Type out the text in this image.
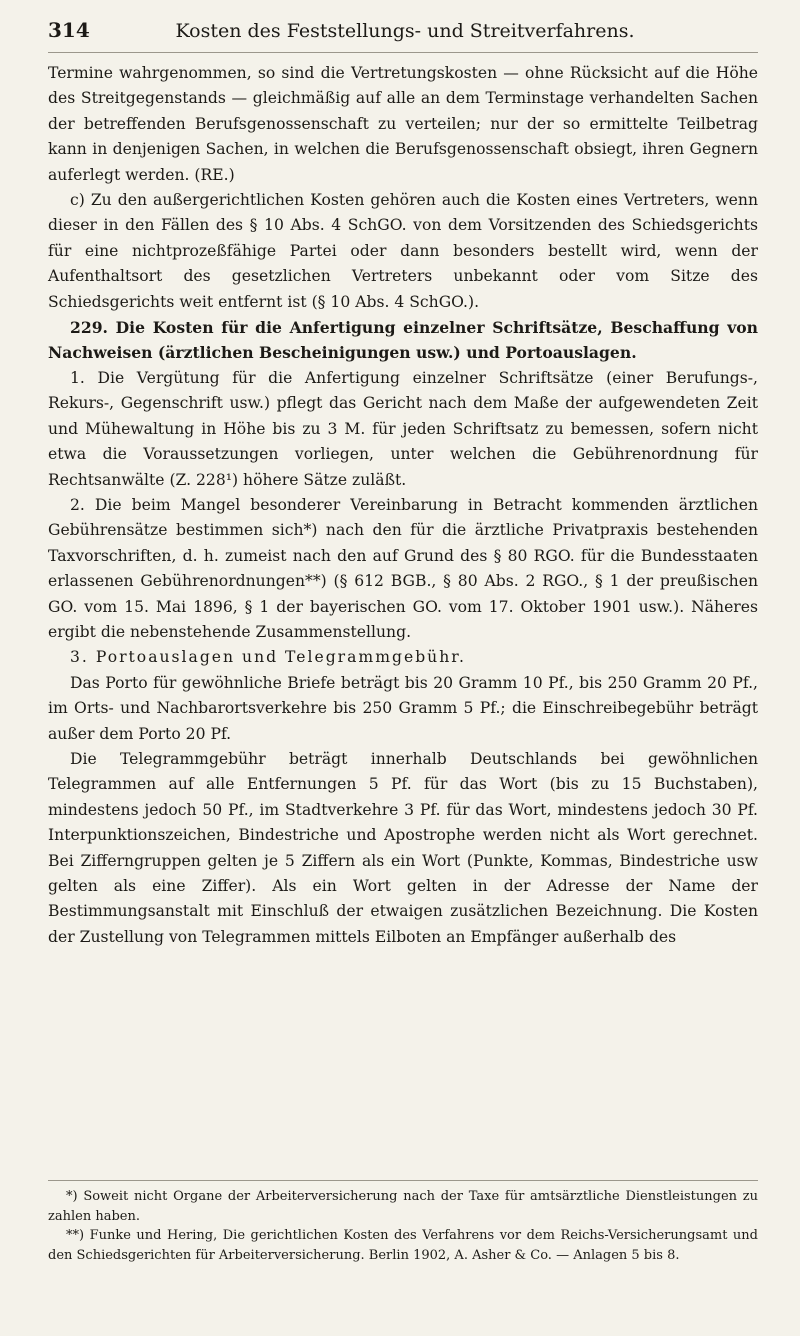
314	Kosten des Feststellungs- und Streitverfahrens.

Termine wahrgenommen, so sind die Vertretungskosten — ohne Rücksicht auf die Höhe des Streitgegenstands — gleichmäßig auf alle an dem Terminstage verhandelten Sachen der betreffenden Berufsgenossenschaft zu verteilen; nur der so ermittelte Teilbetrag kann in denjenigen Sachen, in welchen die Berufsgenossenschaft obsiegt, ihren Gegnern auferlegt werden. (RE.)

c) Zu den außergerichtlichen Kosten gehören auch die Kosten eines Vertreters, wenn dieser in den Fällen des § 10 Abs. 4 SchGO. von dem Vorsitzenden des Schiedsgerichts für eine nichtprozeßfähige Partei oder dann besonders bestellt wird, wenn der Aufenthaltsort des gesetzlichen Vertreters unbekannt oder vom Sitze des Schiedsgerichts weit entfernt ist (§ 10 Abs. 4 SchGO.).

229. Die Kosten für die Anfertigung einzelner Schriftsätze, Beschaffung von Nachweisen (ärztlichen Bescheinigungen usw.) und Portoauslagen.

1. Die Vergütung für die Anfertigung einzelner Schriftsätze (einer Berufungs-, Rekurs-, Gegenschrift usw.) pflegt das Gericht nach dem Maße der aufgewendeten Zeit und Mühewaltung in Höhe bis zu 3 M. für jeden Schriftsatz zu bemessen, sofern nicht etwa die Voraussetzungen vorliegen, unter welchen die Gebührenordnung für Rechtsanwälte (Z. 228¹) höhere Sätze zuläßt.

2. Die beim Mangel besonderer Vereinbarung in Betracht kommenden ärztlichen Gebührensätze bestimmen sich*) nach den für die ärztliche Privatpraxis bestehenden Taxvorschriften, d. h. zumeist nach den auf Grund des § 80 RGO. für die Bundesstaaten erlassenen Gebührenordnungen**) (§ 612 BGB., § 80 Abs. 2 RGO., § 1 der preußischen GO. vom 15. Mai 1896, § 1 der bayerischen GO. vom 17. Oktober 1901 usw.). Näheres ergibt die nebenstehende Zusammenstellung.

3. Portoauslagen und Telegrammgebühr.

Das Porto für gewöhnliche Briefe beträgt bis 20 Gramm 10 Pf., bis 250 Gramm 20 Pf., im Orts- und Nachbarortsverkehre bis 250 Gramm 5 Pf.; die Einschreibegebühr beträgt außer dem Porto 20 Pf.

Die Telegrammgebühr beträgt innerhalb Deutschlands bei gewöhnlichen Telegrammen auf alle Entfernungen 5 Pf. für das Wort (bis zu 15 Buchstaben), mindestens jedoch 50 Pf., im Stadtverkehre 3 Pf. für das Wort, mindestens jedoch 30 Pf. Interpunktionszeichen, Bindestriche und Apostrophe werden nicht als Wort gerechnet. Bei Zifferngruppen gelten je 5 Ziffern als ein Wort (Punkte, Kommas, Bindestriche usw gelten als eine Ziffer). Als ein Wort gelten in der Adresse der Name der Bestimmungsanstalt mit Einschluß der etwaigen zusätzlichen Bezeichnung. Die Kosten der Zustellung von Telegrammen mittels Eilboten an Empfänger außerhalb des

*) Soweit nicht Organe der Arbeiterversicherung nach der Taxe für amtsärztliche Dienstleistungen zu zahlen haben.

**) Funke und Hering, Die gerichtlichen Kosten des Verfahrens vor dem Reichs-Versicherungsamt und den Schiedsgerichten für Arbeiterversicherung. Berlin 1902, A. Asher & Co. — Anlagen 5 bis 8.
